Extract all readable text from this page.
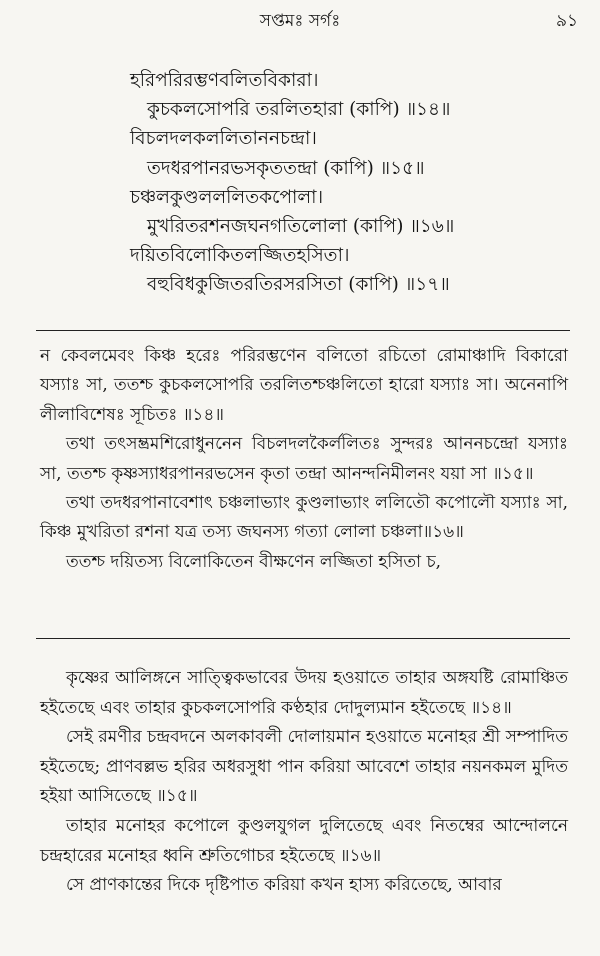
সপ্তমঃ সর্গঃ	৯১
হরিপরিরম্ভণবলিতবিকারা।
কুচকলসোপরি তরলিতহারা (কাপি) ॥১৪॥
বিচলদলকললিতাননচন্দ্রা।
তদধরপানরভসকৃততন্দ্রা (কাপি) ॥১৫॥
চঞ্চলকুণ্ডলললিতকপোলা।
মুখরিতরশনজঘনগতিলোলা (কাপি) ॥১৬॥
দয়িতবিলোকিতলজ্জিতহসিতা।
বহুবিধকুজিতরতিরসরসিতা (কাপি) ॥১৭॥

ন কেবলমেবং কিঞ্চ হরেঃ পরিরম্ভণেন বলিতো রচিতো রোমাঞ্চাদি বিকারো যস্যাঃ সা, ততশ্চ কুচকলসোপরি তরলিতশ্চঞ্চলিতো হারো যস্যাঃ সা। অনেনাপি লীলাবিশেষঃ সূচিতঃ ॥১৪॥

তথা তৎসম্ভ্রমশিরোধুননেন বিচলদলকৈর্ললিতঃ সুন্দরঃ আননচন্দ্রো যস্যাঃ সা, ততশ্চ কৃষ্ণস্যাধরপানরভসেন কৃতা তন্দ্রা আনন্দনিমীলনং যয়া সা ॥১৫॥

তথা তদধরপানাবেশাৎ চঞ্চলাভ্যাং কুণ্ডলাভ্যাং ললিতৌ কপোলৌ যস্যাঃ সা, কিঞ্চ মুখরিতা রশনা যত্র তস্য জঘনস্য গত্যা লোলা চঞ্চলা॥১৬॥

ততশ্চ দয়িতস্য বিলোকিতেন বীক্ষণেন লজ্জিতা হসিতা চ,

কৃষ্ণের আলিঙ্গনে সাত্ত্বিকভাবের উদয় হওয়াতে তাহার অঙ্গযষ্টি রোমাঞ্চিত হইতেছে এবং তাহার কুচকলসোপরি কণ্ঠহার দোদুল্যমান হইতেছে ॥১৪॥

সেই রমণীর চন্দ্রবদনে অলকাবলী দোলায়মান হওয়াতে মনোহর শ্রী সম্পাদিত হইতেছে; প্রাণবল্লভ হরির অধরসুধা পান করিয়া আবেশে তাহার নয়নকমল মুদিত হইয়া আসিতেছে ॥১৫॥

তাহার মনোহর কপোলে কুণ্ডলযুগল দুলিতেছে এবং নিতম্বের আন্দোলনে চন্দ্রহারের মনোহর ধ্বনি শ্রুতিগোচর হইতেছে ॥১৬॥

সে প্রাণকান্তের দিকে দৃষ্টিপাত করিয়া কখন হাস্য করিতেছে, আবার
